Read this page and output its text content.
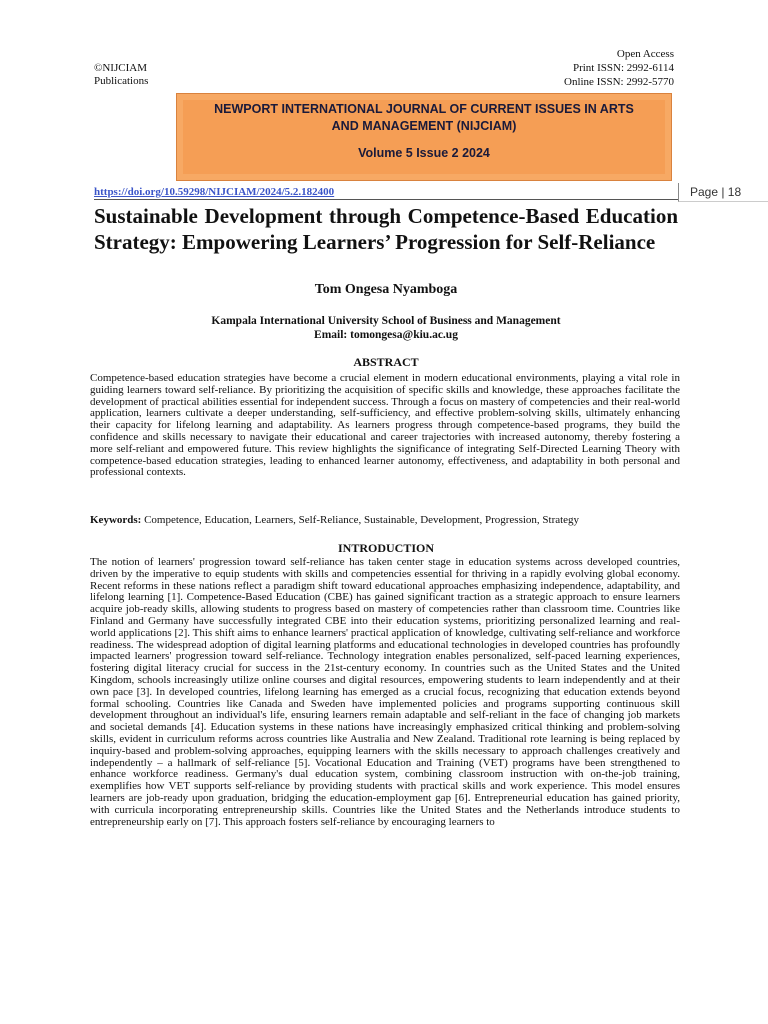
©NIJCIAM
Publications
Open Access
Print ISSN: 2992-6114
Online ISSN: 2992-5770
NEWPORT INTERNATIONAL JOURNAL OF CURRENT ISSUES IN ARTS
AND MANAGEMENT (NIJCIAM)
Volume 5 Issue 2 2024
https://doi.org/10.59298/NIJCIAM/2024/5.2.182400	Page | 18
Sustainable Development through Competence-Based Education Strategy: Empowering Learners’ Progression for Self-Reliance
Tom Ongesa Nyamboga
Kampala International University School of Business and Management
Email: tomongesa@kiu.ac.ug
ABSTRACT
Competence-based education strategies have become a crucial element in modern educational environments, playing a vital role in guiding learners toward self-reliance. By prioritizing the acquisition of specific skills and knowledge, these approaches facilitate the development of practical abilities essential for independent success. Through a focus on mastery of competencies and their real-world application, learners cultivate a deeper understanding, self-sufficiency, and effective problem-solving skills, ultimately enhancing their capacity for lifelong learning and adaptability. As learners progress through competence-based programs, they build the confidence and skills necessary to navigate their educational and career trajectories with increased autonomy, thereby fostering a more self-reliant and empowered future. This review highlights the significance of integrating Self-Directed Learning Theory with competence-based education strategies, leading to enhanced learner autonomy, effectiveness, and adaptability in both personal and professional contexts.
Keywords: Competence, Education, Learners, Self-Reliance, Sustainable, Development, Progression, Strategy
INTRODUCTION
The notion of learners' progression toward self-reliance has taken center stage in education systems across developed countries, driven by the imperative to equip students with skills and competencies essential for thriving in a rapidly evolving global economy. Recent reforms in these nations reflect a paradigm shift toward educational approaches emphasizing independence, adaptability, and lifelong learning [1]. Competence-Based Education (CBE) has gained significant traction as a strategic approach to ensure learners acquire job-ready skills, allowing students to progress based on mastery of competencies rather than classroom time. Countries like Finland and Germany have successfully integrated CBE into their education systems, prioritizing personalized learning and real-world applications [2]. This shift aims to enhance learners' practical application of knowledge, cultivating self-reliance and workforce readiness. The widespread adoption of digital learning platforms and educational technologies in developed countries has profoundly impacted learners' progression toward self-reliance. Technology integration enables personalized, self-paced learning experiences, fostering digital literacy crucial for success in the 21st-century economy. In countries such as the United States and the United Kingdom, schools increasingly utilize online courses and digital resources, empowering students to learn independently and at their own pace [3]. In developed countries, lifelong learning has emerged as a crucial focus, recognizing that education extends beyond formal schooling. Countries like Canada and Sweden have implemented policies and programs supporting continuous skill development throughout an individual's life, ensuring learners remain adaptable and self-reliant in the face of changing job markets and societal demands [4]. Education systems in these nations have increasingly emphasized critical thinking and problem-solving skills, evident in curriculum reforms across countries like Australia and New Zealand. Traditional rote learning is being replaced by inquiry-based and problem-solving approaches, equipping learners with the skills necessary to approach challenges creatively and independently – a hallmark of self-reliance [5]. Vocational Education and Training (VET) programs have been strengthened to enhance workforce readiness. Germany's dual education system, combining classroom instruction with on-the-job training, exemplifies how VET supports self-reliance by providing students with practical skills and work experience. This model ensures learners are job-ready upon graduation, bridging the education-employment gap [6]. Entrepreneurial education has gained priority, with curricula incorporating entrepreneurship skills. Countries like the United States and the Netherlands introduce students to entrepreneurship early on [7]. This approach fosters self-reliance by encouraging learners to
